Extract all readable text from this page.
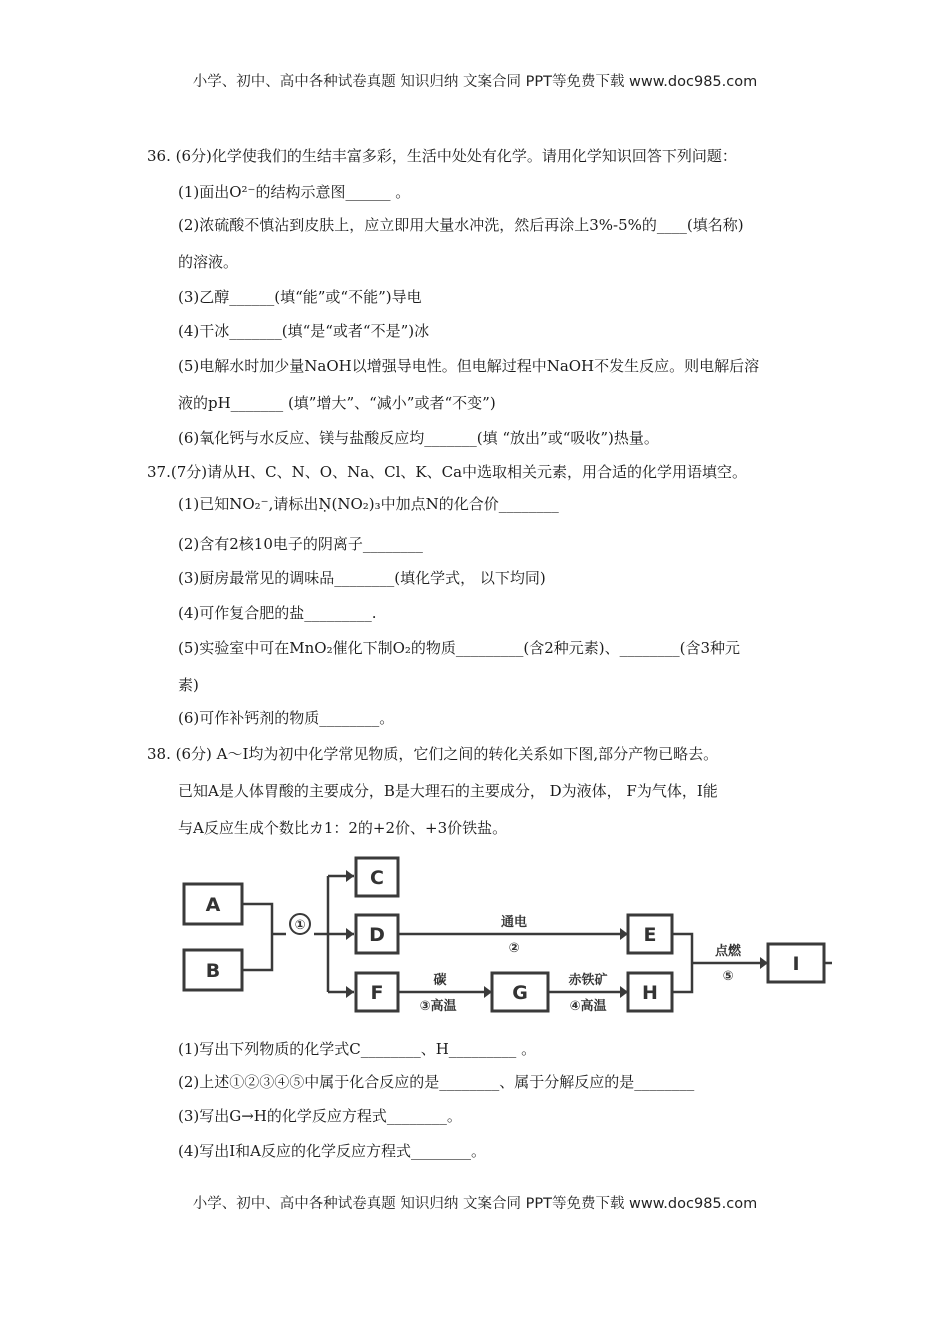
小学、初中、高中各种试卷真题 知识归纳 文案合同 PPT等免费下载 www.doc985.com
36. (6分)化学使我们的生结丰富多彩，生活中处处有化学。请用化学知识回答下列问题：
(1)面出O²⁻的结构示意图______ 。
(2)浓硫酸不慎沾到皮肤上，应立即用大量水冲洗，然后再涂上3%-5%的____(填名称)
的溶液。
(3)乙醇______(填“能”或“不能”)导电
(4)干冰_______(填“是“或者“不是”)冰
(5)电解水时加少量NaOH以增强导电性。但电解过程中NaOH不发生反应。则电解后溶
液的pH_______ (填”增大”、“减小”或者“不变”)
(6)氧化钙与水反应、镁与盐酸反应均_______(填 “放出”或“吸收”)热量。
37.(7分)请从H、C、N、O、Na、Cl、K、Ca中选取相关元素，用合适的化学用语填空。
(1)已知NO₂⁻,请标出Ṇ(NO₂)₃中加点N的化合价________
(2)含有2核10电子的阴离子________
(3)厨房最常见的调味品________(填化学式， 以下均同)
(4)可作复合肥的盐_________.
(5)实验室中可在MnO₂催化下制O₂的物质_________(含2种元素)、________(含3种元
素)
(6)可作补钙剂的物质________。
38. (6分) A～I均为初中化学常见物质，它们之间的转化关系如下图,部分产物已略去。
已知A是人体胃酸的主要成分，B是大理石的主要成分， D为液体， F为气体，I能
与A反应生成个数比カ1：2的+2价、+3价铁盐。
①
A
B
C
D	E
F	G	H
I
通电
②
碳
③高温
赤铁矿
④高温
点燃
⑤
(1)写出下列物质的化学式C________、H_________ 。
(2)上述①②③④⑤中属于化合反应的是________、属于分解反应的是________
(3)写出G→H的化学反应方程式________。
(4)写出I和A反应的化学反应方程式________。
小学、初中、高中各种试卷真题 知识归纳 文案合同 PPT等免费下载 www.doc985.com
